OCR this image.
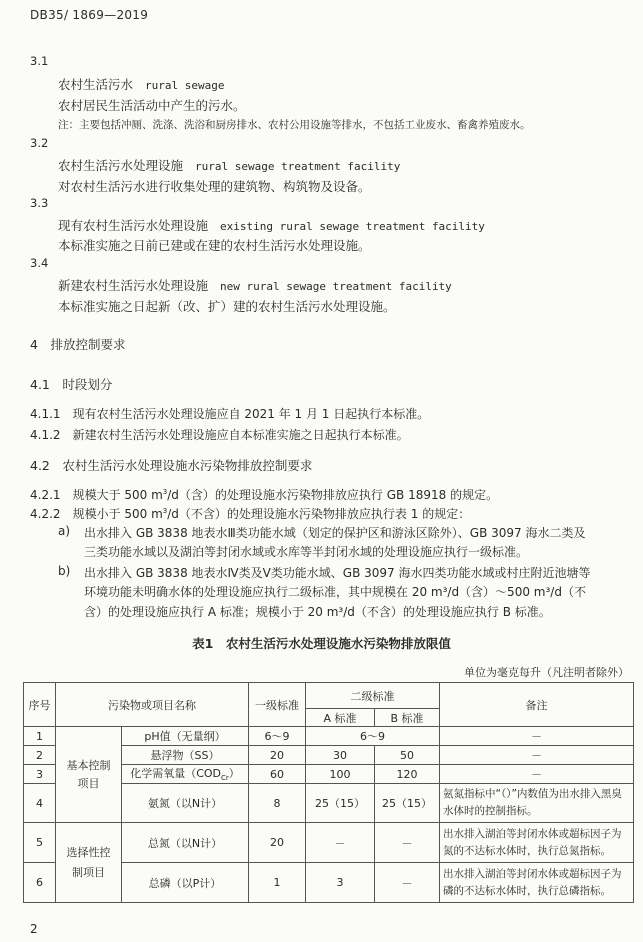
DB35/ 1869—2019
3.1
农村生活污水 rural sewage
农村居民生活活动中产生的污水。
注：主要包括冲厕、洗涤、洗浴和厨房排水、农村公用设施等排水，不包括工业废水、畜禽养殖废水。
3.2
农村生活污水处理设施 rural sewage treatment facility
对农村生活污水进行收集处理的建筑物、构筑物及设备。
3.3
现有农村生活污水处理设施 existing rural sewage treatment facility
本标准实施之日前已建或在建的农村生活污水处理设施。
3.4
新建农村生活污水处理设施 new rural sewage treatment facility
本标准实施之日起新（改、扩）建的农村生活污水处理设施。
4　排放控制要求
4.1　时段划分
4.1.1　 现有农村生活污水处理设施应自 2021 年 1 月 1 日起执行本标准。
4.1.2　 新建农村生活污水处理设施应自本标准实施之日起执行本标准。
4.2　农村生活污水处理设施水污染物排放控制要求
4.2.1　 规模大于 500 $m^3/d$（含）的处理设施水污染物排放应执行 GB 18918 的规定。
4.2.2　 规模小于 500 $m^3/d$（不含）的处理设施水污染物排放应执行表 1 的规定：
a) 出水排入 GB 3838 地表水Ⅲ类功能水域（划定的保护区和游泳区除外）、GB 3097 海水二类及
三类功能水域以及湖泊等封闭水域或水库等半封闭水域的处理设施应执行一级标准。
b) 出水排入 GB 3838 地表水Ⅳ类及Ⅴ类功能水域、GB 3097 海水四类功能水域或村庄附近池塘等
环境功能未明确水体的处理设施应执行二级标准，其中规模在 20 m³/d（含）～500 m³/d（不
含）的处理设施应执行 A 标准；规模小于 20 m³/d（不含）的处理设施应执行 B 标准。
表1　农村生活污水处理设施水污染物排放限值
单位为毫克每升（凡注明者除外）
序号	污染物或项目名称		一级标准	二级标准		备注
				A 标准	B 标准	
1	基本控制项目	pH值（无量纲）	6～9	6～9		－
2		悬浮物（SS）	20	30	50	－
3		化学需氧量$(COD_{Cr})$	60	100	120	－
4		氨氮（以N计）	8	25（15）	25（15）	氨氮指标中“（）”内数值为出水排入黑臭水体时的控制指标。
5	选择性控制项目	总氮（以N计）	20	－	－	出水排入湖泊等封闭水体或超标因子为氮的不达标水体时，执行总氮指标。
6		总磷（以P计）	1	3	－	出水排入湖泊等封闭水体或超标因子为磷的不达标水体时，执行总磷指标。
2
